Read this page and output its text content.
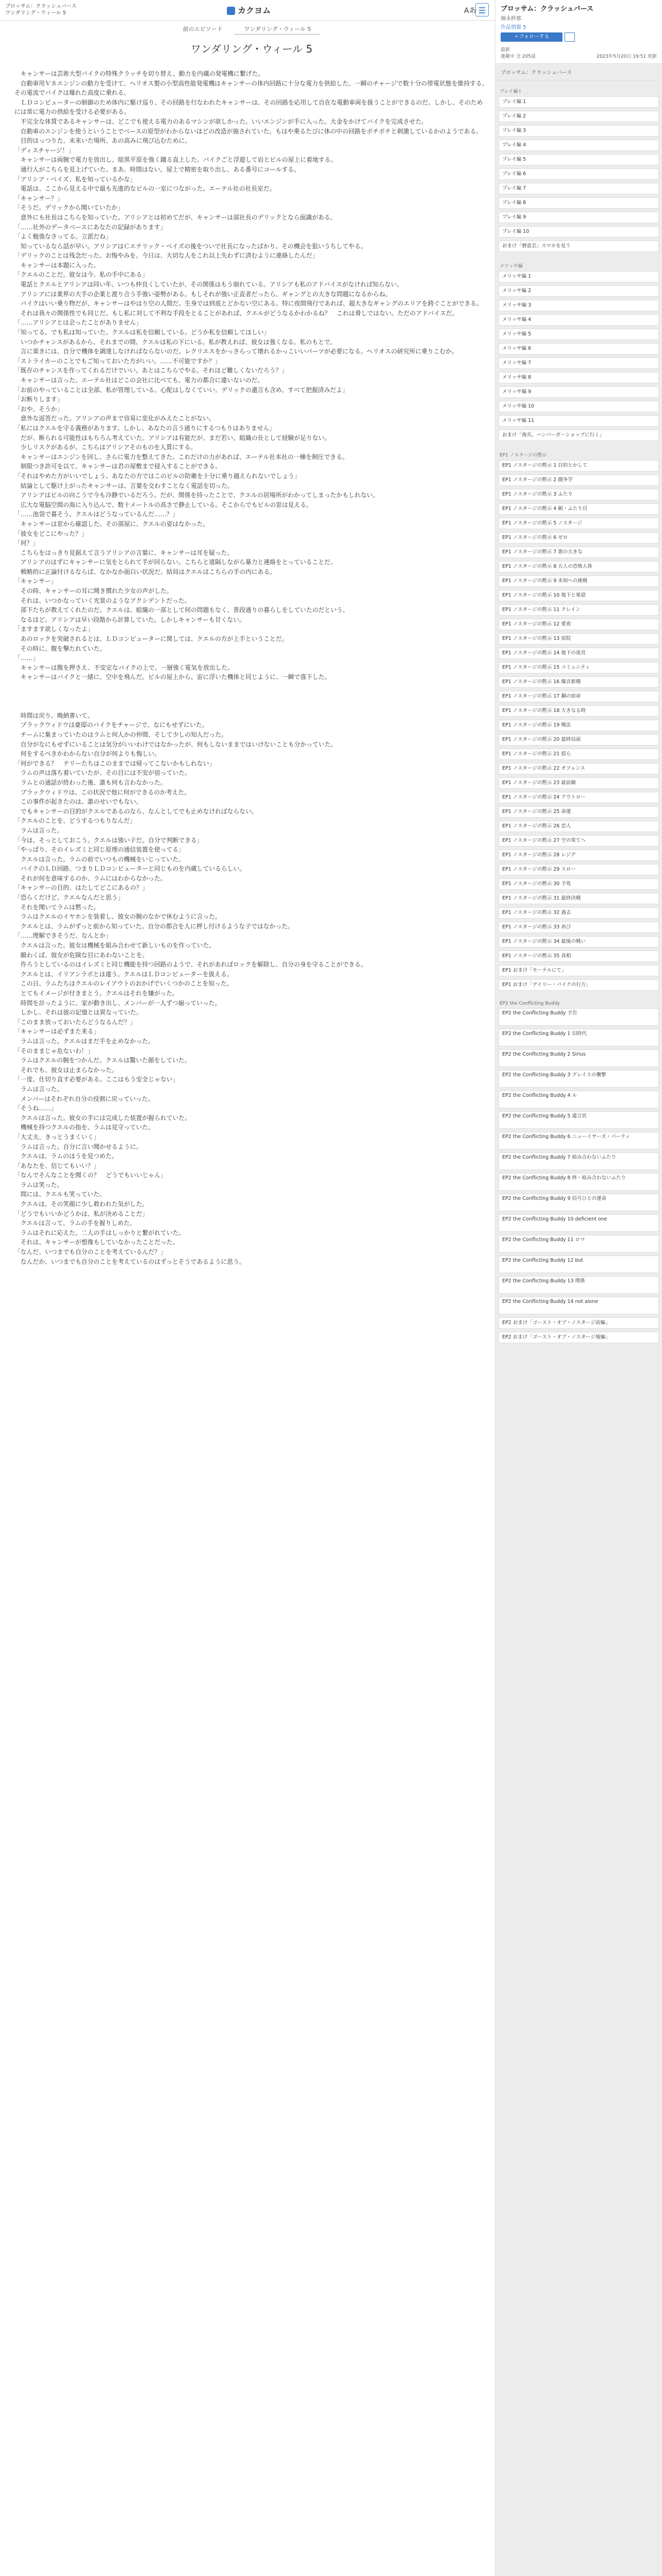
プロッサム：クラッシュバース
ワンダリング・ウィール 5	カクヨム	Aあ
前のエピソード	ワンダリング・ウィール 5
ワンダリング・ウィール 5

　キャンサーは芸術大型バイクの特殊クラッチを切り替え、動力を内蔵の発電機に繋げた。

　自動車用Ｖ８エンジンの動力を受けて、ヘリオス製の小型高性能発電機はキャンサーの体内回路に十分な電力を供給した。一瞬のチャージで数十分の帯電状態を維持する、その電流でバイクは爆れた高度に乗れる。

　ＬＤコンピューターの制御のため体内に駆け巡り、その回路を行なわれたキャンサーは、その回路を応用して自在な電動車両を扱うことができるのだ。しかし、そのためには常に電力の供給を受ける必要がある。

　不完全な体質であるキャンサーは、どこでも使える電力のあるマシンが欲しかった。いいエンジンが手に入った。大金をかけてバイクを完成させた。

　自動車のエンジンを使うということでベースの原型がわからないほどの改造が施されていた。もはや乗るたびに体の中の回路をポチポチと刺激しているかのようである。

　目的はっつりた、未来いた場所、あの高みに飛び込むために。

「ディスチャージ！」

　キャンサーは両腕で電力を放出し、暗黒平原を強く蹴る直上した。バイクごと浮遊して岩とビルの屋上に着地する。

　通行人がこちらを見上げていた。まあ、時間はない。屋上で精密を取り出し、ある番号にコールする。

「アリシア・ベイズ、私を知っているかな」

　電話は、ここから見える中で最も先進的なビルの一室につながった。エーテル社の社長室だ。

「キャンサー？」

「そうだ。デリックから聞いていたか」

　意外にも社長はこちらを知っていた。アリシアとは初めてだが、キャンサーは部社長のデリックとなら面識がある。

「……社外のデータベースにあなたの記録があります」

「よく勉強なさってる。立派だね」

　知っているなら話が早い。アリシアはＣエテリック・ベイズの後をついで社長になったばかり。その機会を狙いうちしてやる。

「デリックのことは残念だった。お悔やみを。今日は、大切な人をこれ以上失わずに済むように連絡したんだ」

　キャンサーは本題に入った。

「クエルのことだ。彼女は今、私の手中にある」

　電話とクエルとアリシアは同い年、いつも仲良くしていたが、その関係はもう崩れている。アリシアも私のアドバイスがなければ知らない。

　アリシアには業界の大手の企業と渡り合う手強い姿勢がある。もしそれが強い正直者だったら、ギャングとの大きな問題になるからね。

　バイクはいい乗り物だが、キャンサーはやはり空の人間だ。生身では到底とどかない空にある。特に夜間飛行であれば、超大きなギャングのエリアを跨ぐことができる。

　それは我々の関係性でも同じだ。もし私に対して不利な手段をとることがあれば、クエルがどうなるかわかるね？　これは脅しではない。ただのアドバイスだ。

「……アリシアとは会ったことがありません」

「知ってる。でも私は知っていた。クエルは私を信頼している。どうか私を信頼してほしい」

　いつかチャンスがあるから、それまでの間、クエルは私の下にいる。私が教えれば、彼女は強くなる。私のもとで。

　言に楽きには、自分で機体を調達しなければならないのだ。レクリエスをかっさらって壊れるかっこいいパーツが必要になる。ヘリオスの研究所に乗りこむか。

「ストライカーのことでもご知っておいた方がいい。……不可能ですか？」

「既存のチャンスを作ってくれるだけでいい。あとはこちらでやる。それほど難しくないだろう？」

　キャンサーは言った。エーテル社はどこの会社に比べても、電力の都合に違いないのだ。

「お前のやっていることは全部、私が管理している。心配はしなくていい。デリックの遺言も含め、すべて把握済みだよ」

「お断りします」

「おや、そうか」

　意外な返答だった。アリシアの声まで容易に変化がみえたことがない。

「私にはクエルを守る義務があります。しかし、あなたの言う通りにするつもりはありません」

　だが、断られる可能性はもちろん考えていた。アリシアは有能だが、まだ若い。組織の長として経験が足りない。

　少しリスクがあるが、こちらはアリシアそのものを人質にする。

　キャンサーはエンジンを回し、さらに電力を整えてきた。これだけの力があれば、エーテル社本社の一棟を制圧できる。

　制限つき許可を以て、キャンサーは君の屋敷まで侵入することができる。

「それはやめた方がいいでしょう。あなたの方ではこのビルの防衛を十分に乗り越えられないでしょう」

　結論として駆け上がったキャンサーは、言葉を交わすことなく電話を切った。

　アリシアはビルの向こうで今も冷静でいるだろう。だが、関係を持ったことで、クエルの居場所がわかってしまったかもしれない。

　広大な電脳空間の海に入り込んで、数十メートルの高さで静止している。そこからでもビルの窓は見える。

「……池袋で暮そう。クエルはどうなっているんだ……？」

　キャンサーは窓から確認した。その部屋に、クエルの姿はなかった。

「彼女をどこにやった？」

「何？」

　こちらをはっきり見据えて言うアリシアの言葉に、キャンサーは耳を疑った。

　アリシアのはずにキャンサーに気をとられて手が回らない。こちらと遠隔しながら暴力と連絡をとっていることだ。

　戦略的に正論付けるならば、なかなか面白い状況だ。結局はクエルはこちらの手の内にある。

「キャンサー」

　その時、キャンサーの耳に聞き慣れた少女の声がした。

　それは、いつかなっていく光景のようなアクシデントだった。

　部下たちが教えてくれたのだ。クエルは、組織の一部として何の問題もなく、普段通りの暮らしをしていたのだという。

　なるほど。アリシアは早い段階から計算していた。しかしキャンサーも甘くない。

「ますます欲しくなったよ」

　あのロックを突破されるとは、ＬＤコンピューターに関しては、クエルの方が上手ということだ。

　その時に、腹を撃たれていた。

「……」

　キャンサーは腹を押さえ、不安定なバイクの上で、一層強く電気を放出した。

　キャンサーはバイクと一緒に、空中を飛んだ。ビルの屋上から、宙に浮いた機体と同じように、一瞬で落下した。

　時間は戻り、晩納書いて。

　ブラックウィドウは豪邸のバイクをチャージで、なにもせずにいた。

　チームに集まっていたのはラムと何人かの仲間、そして少しの知人だった。

　自分がなにもせずにいることは気分がいいわけではなかったが、何もしないままではいけないことも分かっていた。

　何をするべきかわからない自分が何よりも悔しい。

「何ができる？　テリーたちはこのままでは帰ってこないかもしれない」

　ラムの声は落ち着いていたが、その目には不安が宿っていた。

　ラムとの通話が終わった後、誰も何も言わなかった。

　ブラックウィドウは、この状況で他に何ができるのか考えた。

　この事件が起きたのは、誰のせいでもない。

　でもキャンサーの目的がクエルであるのなら、なんとしてでも止めなければならない。

「クエルのことを、どうするつもりなんだ」

　ラムは言った。

「今は、そっとしておこう。クエルは強い子だ。自分で判断できる」

「やっぱり、そのイレズミと同じ原理の通信装置を使ってる」

　クエルは言った。ラムの前でいつもの機械をいじっていた。

　バイクのＬＤ回路、つまりＬＤコンピューターと同じものを内蔵しているらしい。

　それが何を意味するのか、ラムにはわからなかった。

「キャンサーの目的、はたしてどこにあるの？」

「恐らくだけど、クエルなんだと思う」

　それを聞いてラムは黙った。

　ラムはクエルのイヤホンを装着し、彼女の腕のなかで休むように言った。

　クエルとは、ラムがずっと前から知っていた。自分の都合を人に押し付けるような子ではなかった。

「……理解できそうだ、なんとか」

　クエルは言った。彼女は機械を組み合わせて新しいものを作っていた。

　願わくば、彼女が危険な目にあわないことを。

　作ろうとしているのはイレズミと同じ機能を持つ回路のようで、それがあればロックを解除し、自分の身を守ることができる。

　クエルとは、イリアンラボとは違う。クエルはＬＤコンピューターを扱える。

　この日、ラムたちはクエルのレイアウトのおかげでいくつかのことを知った。

　とてもイメージが付きまとう。クエルはそれを嫌がった。

　時間を計ったように、家が動き出し、メンバーが一人ずつ揃っていった。

　しかし、それは彼の記憶とは異なっていた。

「このまま放っておいたらどうなるんだ？」

「キャンサーは必ずまた来る」

　ラムは言った。クエルはまだ手を止めなかった。

「そのままじゃ危ないわ！」

　ラムはクエルの腕をつかんだ。クエルは驚いた顔をしていた。

　それでも、彼女は止まらなかった。

「一度、仕切り直す必要がある。ここはもう安全じゃない」

　ラムは言った。

　メンバーはそれぞれ自分の役割に戻っていった。

「そうね……」

　クエルは言った。彼女の手には完成した装置が握られていた。

　機械を持つクエルの指を、ラムは見守っていた。

「大丈夫、きっとうまくいく」

　ラムは言った。自分に言い聞かせるように。

　クエルは、ラムのほうを見つめた。

「あなたを、信じてもいい？」

「なんでそんなことを聞くの？　どうでもいいじゃん」

　ラムは笑った。

　間には、クエルも笑っていた。

　クエルは、その笑顔に少し救われた気がした。

「どうでもいいかどうかは、私が決めることだ」

　クエルは言って、ラムの手を握りしめた。

　ラムはそれに応えた。二人の手はしっかりと繋がれていた。

　それは、キャンサーが想像もしていなかったことだった。

「なんだ、いつまでも自分のことを考えているんだ？」

　なんだか、いつまでも自分のことを考えているのはずっとそうであるように思う。

ブロッサム：クラッシュバース
堀永紗那
作品情報 5
＋フォローする
最新
連載中 全 205話	2023年5月20日 19:51 更新
ブロッサム：クラッシュバース
プレイ編 I
プレイ編 1
プレイ編 2
プレイ編 3
プレイ編 4
プレイ編 5
プレイ編 6
プレイ編 7
プレイ編 8
プレイ編 9
プレイ編 10
おまけ「暦意芸」スマホを見う
メリッサ編
メリッサ編 1
メリッサ編 2
メリッサ編 3
メリッサ編 4
メリッサ編 5
メリッサ編 6
メリッサ編 7
メリッサ編 8
メリッサ編 9
メリッサ編 10
メリッサ編 11
おまけ「海兵、ハンバーガーショップに行く」
EP1 ノスタージの黙示
EP1 ノスタージの黙示 1 目的とかして
EP1 ノスタージの黙示 2 闘争学
EP1 ノスタージの黙示 3 ふたり
EP1 ノスタージの黙示 4 頼・ふたり目
EP1 ノスタージの黙示 5 ノスタージ
EP1 ノスタージの黙示 6 ゼロ
EP1 ノスタージの黙示 7 悪の大きな
EP1 ノスタージの黙示 8 五人の恐怖人体
EP1 ノスタージの黙示 9 未知への挑戦
EP1 ノスタージの黙示 10 地下と巣窟
EP1 ノスタージの黙示 11 クレイン
EP1 ノスタージの黙示 12 愛着
EP1 ノスタージの黙示 13 宿院
EP1 ノスタージの黙示 14 地下の迷宮
EP1 ノスタージの黙示 15 コミュニティ
EP1 ノスタージの黙示 16 爆音新種
EP1 ノスタージの黙示 17 鋼の宿命
EP1 ノスタージの黙示 18 大きなる時
EP1 ノスタージの黙示 19 戦法
EP1 ノスタージの黙示 20 最終局面
EP1 ノスタージの黙示 21 揺ら
EP1 ノスタージの黙示 22 オフェンス
EP1 ノスタージの黙示 23 最前線
EP1 ノスタージの黙示 24 アウトロー
EP1 ノスタージの黙示 25 命運
EP1 ノスタージの黙示 26 恋人
EP1 ノスタージの黙示 27 空の果てへ
EP1 ノスタージの黙示 28 レジデ
EP1 ノスタージの黙示 29 スロー
EP1 ノスタージの黙示 30 予兆
EP1 ノスタージの黙示 31 最終決戦
EP1 ノスタージの黙示 32 過去
EP1 ノスタージの黙示 33 再び
EP1 ノスタージの黙示 34 最後の戦い
EP1 ノスタージの黙示 35 真相
EP1 おまけ「モーテルにて」
EP1 おまけ「デイリー・バイクの行方」
EP2 the Conflicting Buddy
EP2 the Conflicting Buddy 予告
EP2 the Conflicting Buddy 1 旧時代
EP2 the Conflicting Buddy 2 Sirius
EP2 the Conflicting Buddy 3 グレイスの襲撃
EP2 the Conflicting Buddy 4 ル
EP2 the Conflicting Buddy 5 遺言状
EP2 the Conflicting Buddy 6 ニューイヤーズ・パーティ
EP2 the Conflicting Buddy 7 暗み合わないふたり
EP2 the Conflicting Buddy 8 終・暗み合わないふたり
EP2 the Conflicting Buddy 9 信号ひとの運命
EP2 the Conflicting Buddy 10 deficient one
EP2 the Conflicting Buddy 11 ロマ
EP2 the Conflicting Buddy 12 but
EP2 the Conflicting Buddy 13 関係
EP2 the Conflicting Buddy 14 not alone
EP2 おまけ「ゴースト・オブ・ノスタージ前編」
EP2 おまけ「ゴースト・オブ・ノスタージ後編」
